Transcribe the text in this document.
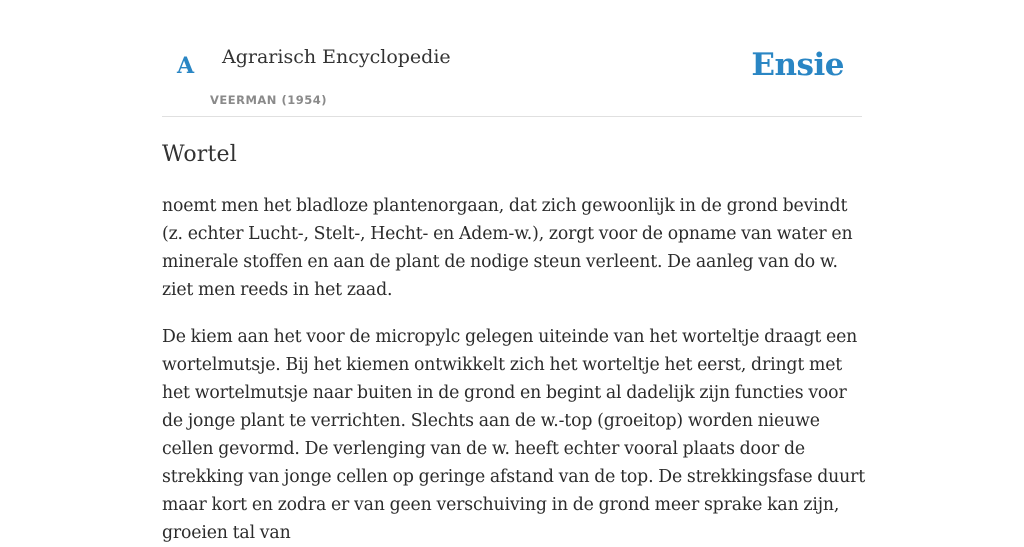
A Agrarisch Encyclopedie
VEERMAN (1954)
Ensie
Wortel

noemt men het bladloze plantenorgaan, dat zich gewoonlijk in de grond bevindt (z. echter Lucht-, Stelt-, Hecht- en Adem-w.), zorgt voor de opname van water en minerale stoffen en aan de plant de nodige steun verleent. De aanleg van do w. ziet men reeds in het zaad.

De kiem aan het voor de micropylc gelegen uiteinde van het worteltje draagt een wortelmutsje. Bij het kiemen ontwikkelt zich het worteltje het eerst, dringt met het wortelmutsje naar buiten in de grond en begint al dadelijk zijn functies voor de jonge plant te verrichten. Slechts aan de w.-top (groeitop) worden nieuwe cellen gevormd. De verlenging van de w. heeft echter vooral plaats door de strekking van jonge cellen op geringe afstand van de top. De strekkingsfase duurt maar kort en zodra er van geen verschuiving in de grond meer sprake kan zijn, groeien tal van
